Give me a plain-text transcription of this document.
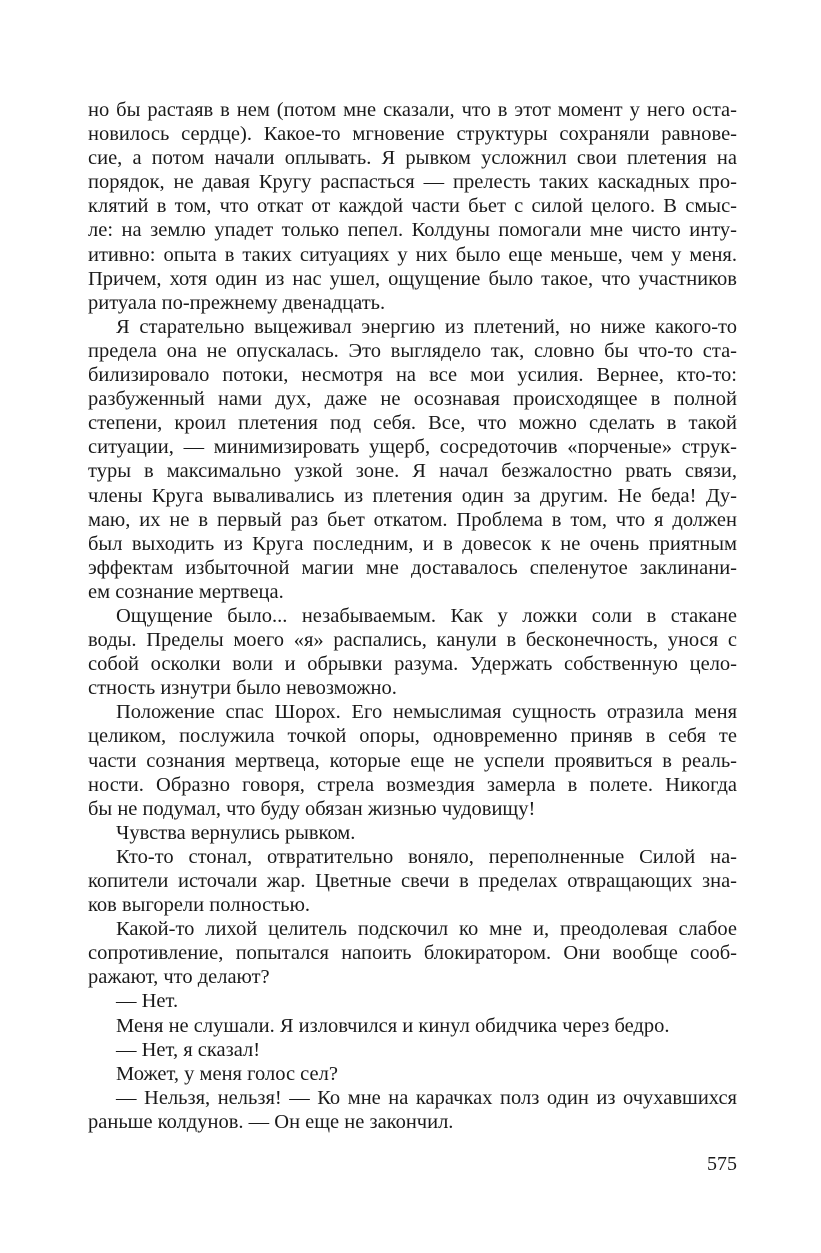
но бы растаяв в нем (потом мне сказали, что в этот момент у него оста-
новилось сердце). Какое-то мгновение структуры сохраняли равнове-
сие, а потом начали оплывать. Я рывком усложнил свои плетения на
порядок, не давая Кругу распасться — прелесть таких каскадных про-
клятий в том, что откат от каждой части бьет с силой целого. В смыс-
ле: на землю упадет только пепел. Колдуны помогали мне чисто инту-
итивно: опыта в таких ситуациях у них было еще меньше, чем у меня.
Причем, хотя один из нас ушел, ощущение было такое, что участников
ритуала по-прежнему двенадцать.
Я старательно выцеживал энергию из плетений, но ниже какого-то
предела она не опускалась. Это выглядело так, словно бы что-то ста-
билизировало потоки, несмотря на все мои усилия. Вернее, кто-то:
разбуженный нами дух, даже не осознавая происходящее в полной
степени, кроил плетения под себя. Все, что можно сделать в такой
ситуации, — минимизировать ущерб, сосредоточив «порченые» струк-
туры в максимально узкой зоне. Я начал безжалостно рвать связи,
члены Круга вываливались из плетения один за другим. Не беда! Ду-
маю, их не в первый раз бьет откатом. Проблема в том, что я должен
был выходить из Круга последним, и в довесок к не очень приятным
эффектам избыточной магии мне доставалось спеленутое заклинани-
ем сознание мертвеца.
Ощущение было... незабываемым. Как у ложки соли в стакане
воды. Пределы моего «я» распались, канули в бесконечность, унося с
собой осколки воли и обрывки разума. Удержать собственную цело-
стность изнутри было невозможно.
Положение спас Шорох. Его немыслимая сущность отразила меня
целиком, послужила точкой опоры, одновременно приняв в себя те
части сознания мертвеца, которые еще не успели проявиться в реаль-
ности. Образно говоря, стрела возмездия замерла в полете. Никогда
бы не подумал, что буду обязан жизнью чудовищу!
Чувства вернулись рывком.
Кто-то стонал, отвратительно воняло, переполненные Силой на-
копители источали жар. Цветные свечи в пределах отвращающих зна-
ков выгорели полностью.
Какой-то лихой целитель подскочил ко мне и, преодолевая слабое
сопротивление, попытался напоить блокиратором. Они вообще сооб-
ражают, что делают?
— Нет.
Меня не слушали. Я изловчился и кинул обидчика через бедро.
— Нет, я сказал!
Может, у меня голос сел?
— Нельзя, нельзя! — Ко мне на карачках полз один из очухавшихся
раньше колдунов. — Он еще не закончил.
575
